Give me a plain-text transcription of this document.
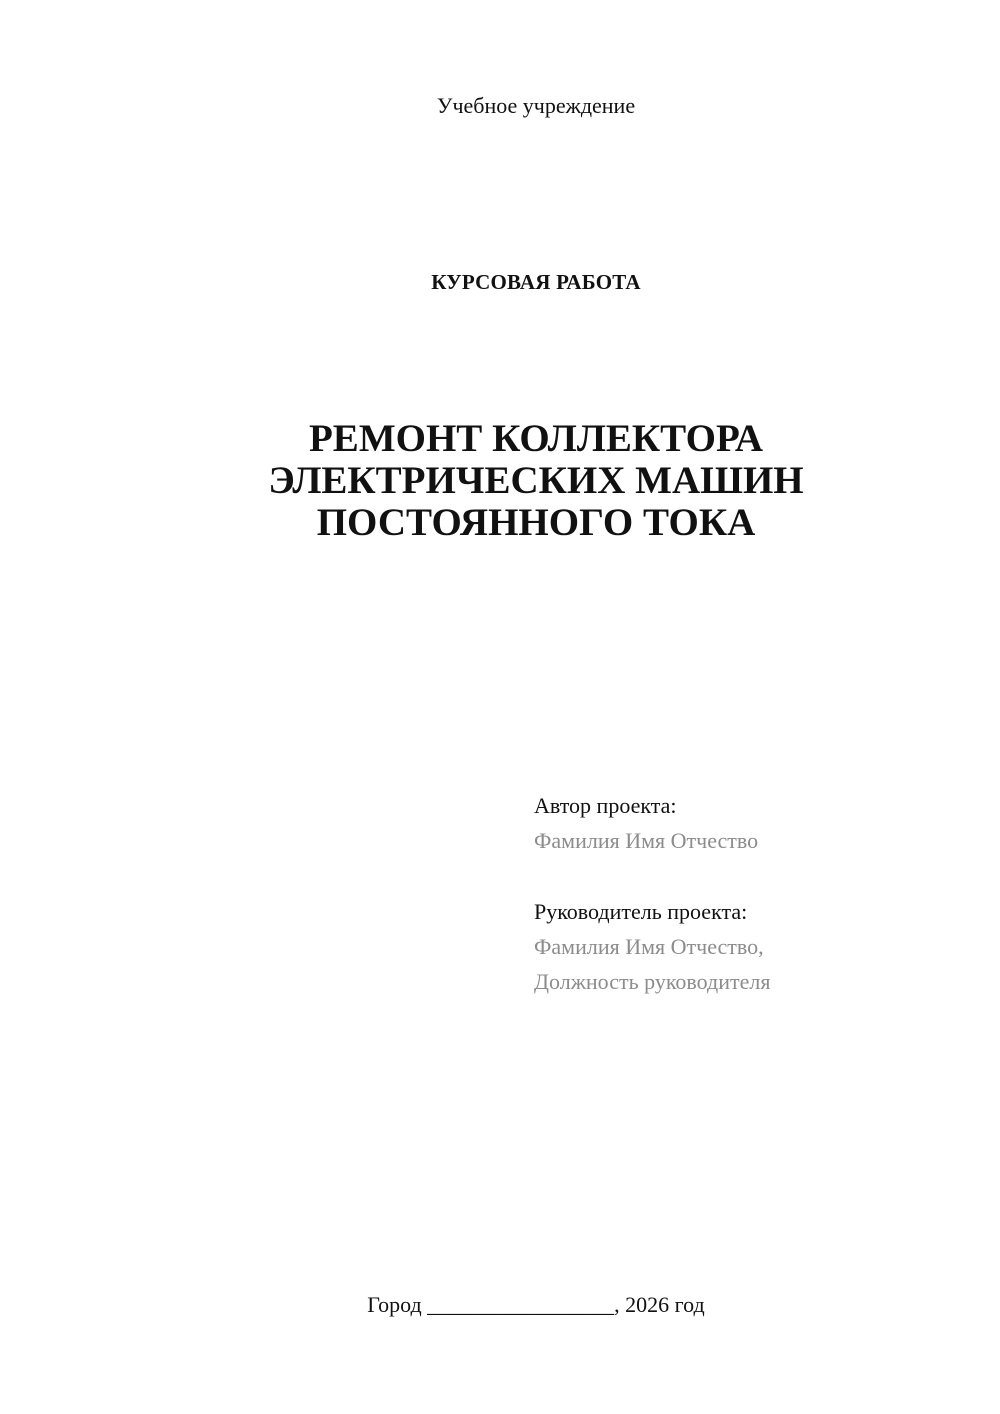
Учебное учреждение
КУРСОВАЯ РАБОТА
РЕМОНТ КОЛЛЕКТОРА
ЭЛЕКТРИЧЕСКИХ МАШИН
ПОСТОЯННОГО ТОКА
Автор проекта:
Фамилия Имя Отчество
Руководитель проекта:
Фамилия Имя Отчество,
Должность руководителя
Город _________________, 2026 год
